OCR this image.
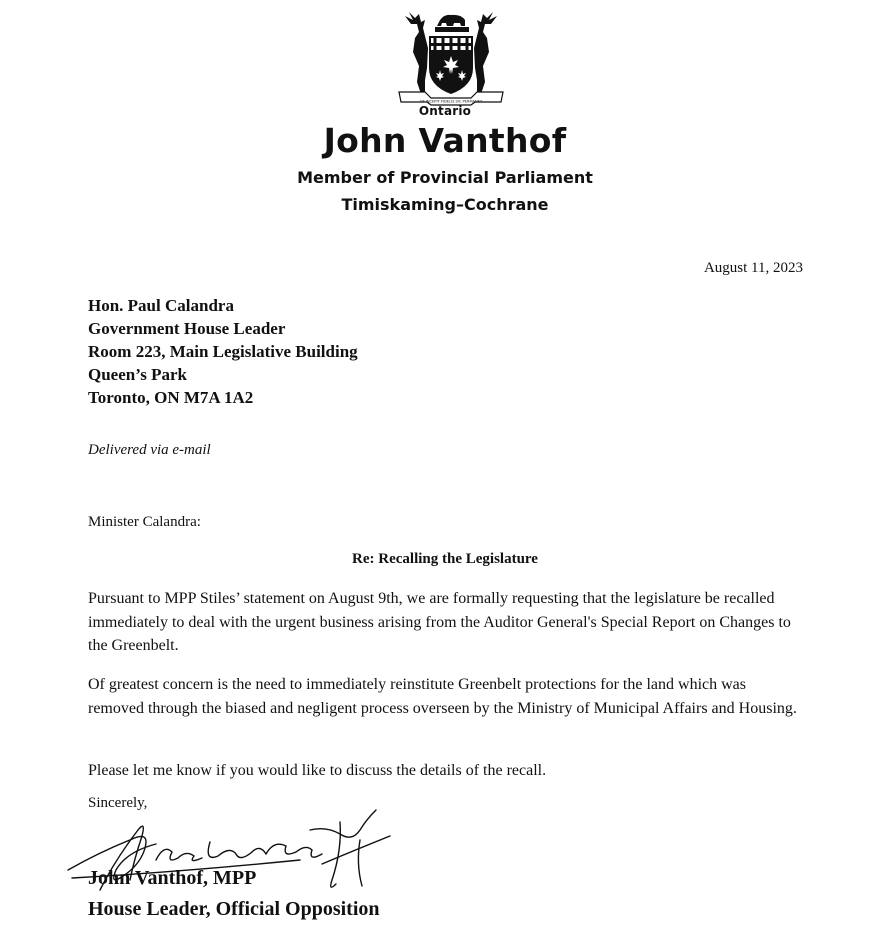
UT INCEPIT FIDELIS SIC PERMANET
Ontario
John Vanthof
Member of Provincial Parliament
Timiskaming–Cochrane
August 11, 2023
Hon. Paul Calandra
Government House Leader
Room 223, Main Legislative Building
Queen’s Park
Toronto, ON M7A 1A2
Delivered via e-mail
Minister Calandra:
Re: Recalling the Legislature
Pursuant to MPP Stiles’ statement on August 9th, we are formally requesting that the legislature be recalled immediately to deal with the urgent business arising from the Auditor General's Special Report on Changes to the Greenbelt.
Of greatest concern is the need to immediately reinstitute Greenbelt protections for the land which was removed through the biased and negligent process overseen by the Ministry of Municipal Affairs and Housing.
Please let me know if you would like to discuss the details of the recall.
Sincerely,
John Vanthof, MPP
House Leader, Official Opposition
